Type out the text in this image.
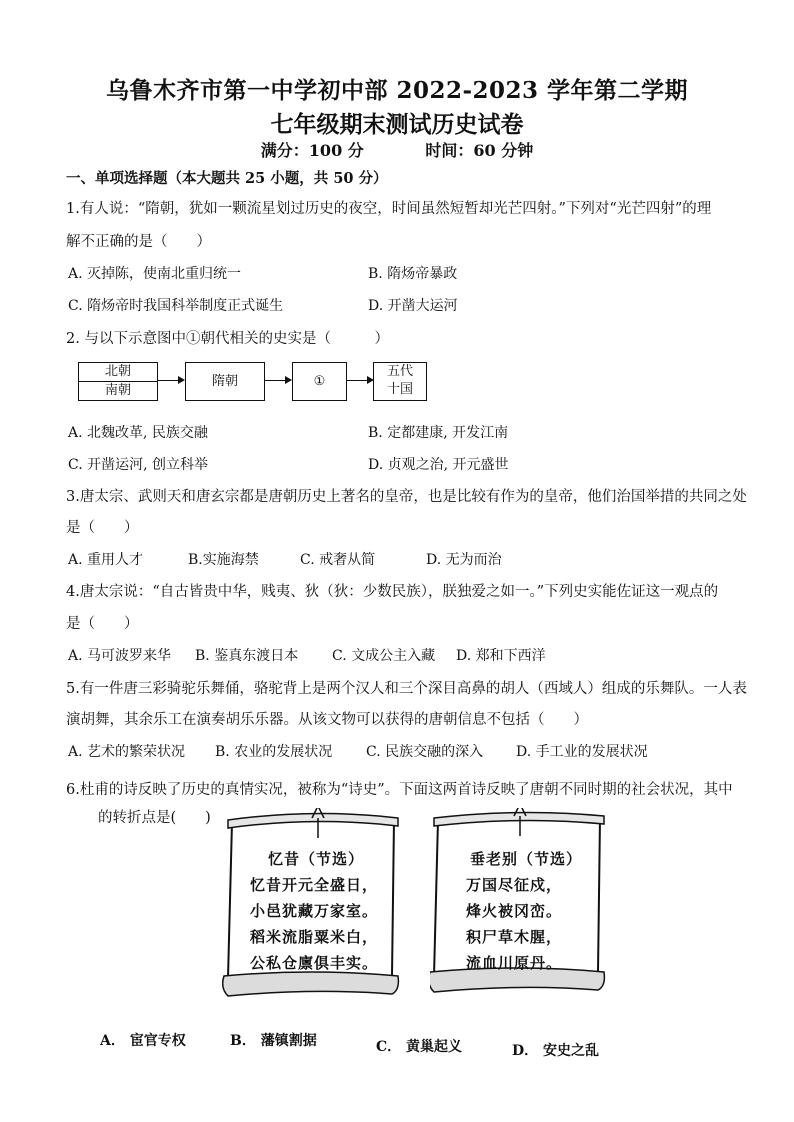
乌鲁木齐市第一中学初中部 2022-2023 学年第二学期
七年级期末测试历史试卷
满分：100 分	时间：60 分钟
一、单项选择题（本大题共 25 小题，共 50 分）
1.有人说：“隋朝，犹如一颗流星划过历史的夜空，时间虽然短暂却光芒四射。”下列对“光芒四射”的理
解不正确的是（　　）
A. 灭掉陈，使南北重归统一	B. 隋炀帝暴政
C. 隋炀帝时我国科举制度正式诞生	D. 开凿大运河
2. 与以下示意图中①朝代相关的史实是（　　　）
北朝
南朝
隋朝	①
五代
十国
A. 北魏改革, 民族交融	B. 定都建康, 开发江南
C. 开凿运河, 创立科举	D. 贞观之治, 开元盛世
3.唐太宗、武则天和唐玄宗都是唐朝历史上著名的皇帝，也是比较有作为的皇帝，他们治国举措的共同之处
是（　　）
A. 重用人才	B.实施海禁	C. 戒奢从简	D. 无为而治
4.唐太宗说：“自古皆贵中华，贱夷、狄（狄：少数民族），朕独爱之如一。”下列史实能佐证这一观点的
是（　　）
A. 马可波罗来华 B. 鉴真东渡日本 C. 文成公主入藏 D. 郑和下西洋
5.有一件唐三彩骑驼乐舞俑，骆驼背上是两个汉人和三个深目高鼻的胡人（西域人）组成的乐舞队。一人表
演胡舞，其余乐工在演奏胡乐乐器。从该文物可以获得的唐朝信息不包括（　　）
A. 艺术的繁荣状况 B. 农业的发展状况 C. 民族交融的深入 D. 手工业的发展状况
6.杜甫的诗反映了历史的真情实况，被称为“诗史”。下面这两首诗反映了唐朝不同时期的社会状况，其中
的转折点是(　　)
忆昔（节选）
忆昔开元全盛日，
小邑犹藏万家室。
稻米流脂粟米白，
公私仓廪俱丰实。
垂老别（节选）
万国尽征戍，
烽火被冈峦。
积尸草木腥，
流血川原丹。
A． 宦官专权	B． 藩镇割据	C． 黄巢起义	D． 安史之乱
